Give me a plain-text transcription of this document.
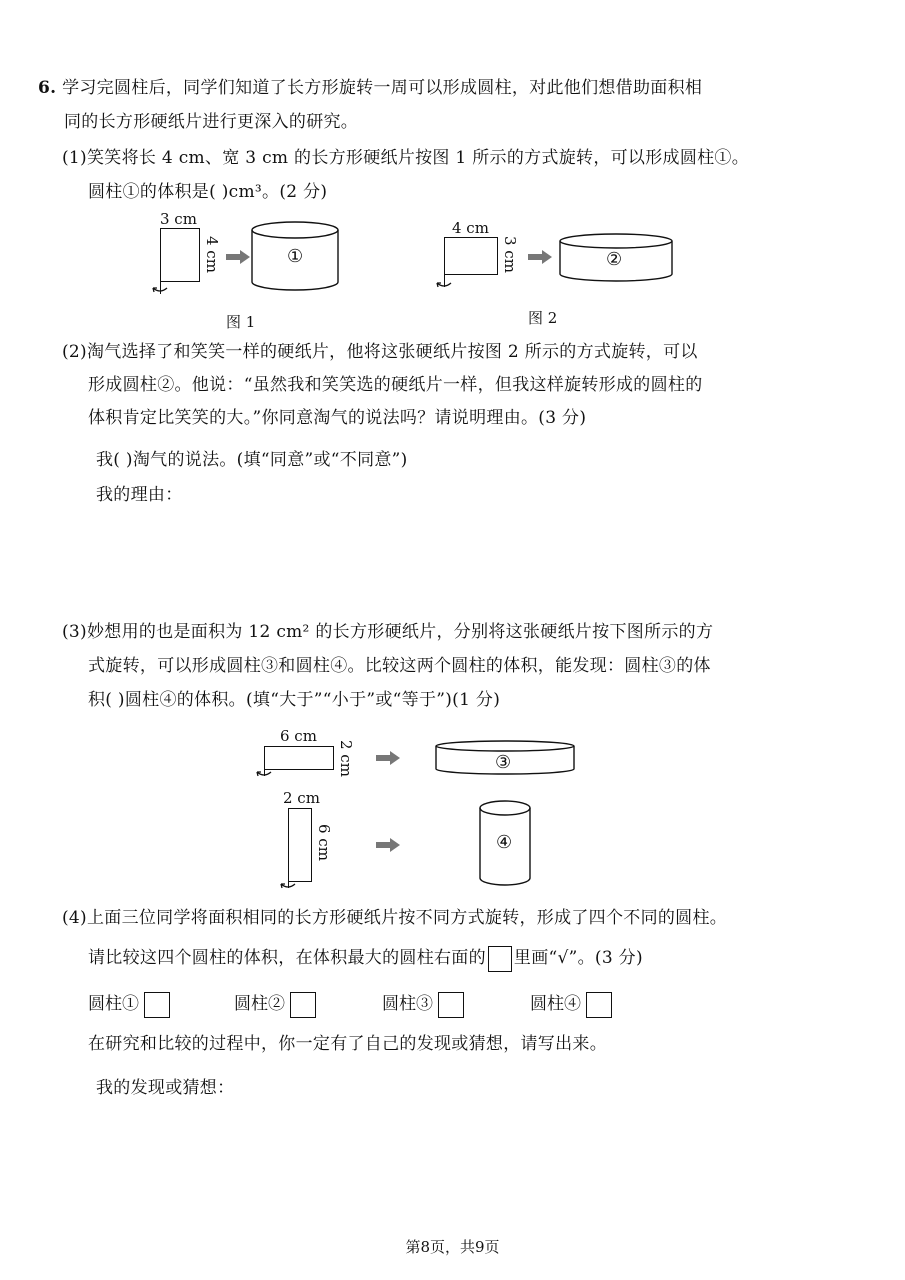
6. 学习完圆柱后，同学们知道了长方形旋转一周可以形成圆柱，对此他们想借助面积相
同的长方形硬纸片进行更深入的研究。
(1)笑笑将长 4 cm、宽 3 cm 的长方形硬纸片按图 1 所示的方式旋转，可以形成圆柱①。
圆柱①的体积是( )cm³。(2 分)
3 cm
4 cm	①
图 1
4 cm
3 cm	②
图 2
(2)淘气选择了和笑笑一样的硬纸片，他将这张硬纸片按图 2 所示的方式旋转，可以
形成圆柱②。他说：“虽然我和笑笑选的硬纸片一样，但我这样旋转形成的圆柱的
体积肯定比笑笑的大。”你同意淘气的说法吗？请说明理由。(3 分)
我( )淘气的说法。(填“同意”或“不同意”)
我的理由：
(3)妙想用的也是面积为 12 cm² 的长方形硬纸片，分别将这张硬纸片按下图所示的方
式旋转，可以形成圆柱③和圆柱④。比较这两个圆柱的体积，能发现：圆柱③的体
积( )圆柱④的体积。(填“大于”“小于”或“等于”)(1 分)
6 cm
2 cm	③
2 cm
6 cm	④
(4)上面三位同学将面积相同的长方形硬纸片按不同方式旋转，形成了四个不同的圆柱。
请比较这四个圆柱的体积，在体积最大的圆柱右面的 里画“√”。(3 分)
圆柱①	圆柱②	圆柱③	圆柱④
在研究和比较的过程中，你一定有了自己的发现或猜想，请写出来。
我的发现或猜想：
第8页，共9页
